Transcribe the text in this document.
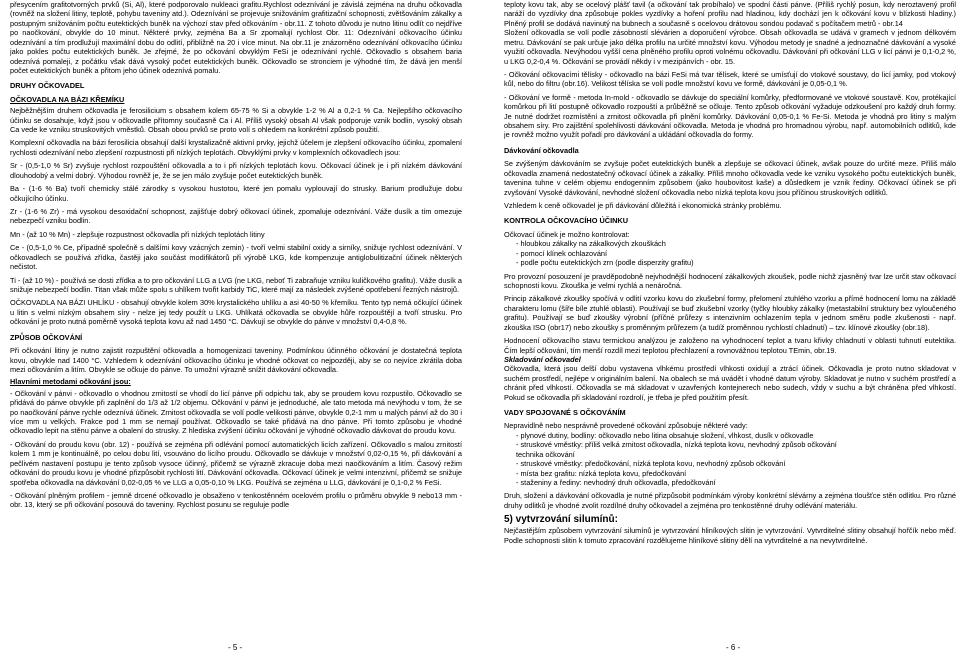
přesycením grafitotvorných prvků (Si, Al), které podporovalo nukleaci grafitu.Rychlost odeznívání je závislá zejména na druhu očkovadla (rovněž na složení litiny, teplotě, pohybu taveniny atd.). Odeznívání se projevuje snižováním grafitizační schopnosti, zvětšováním zákalky a postupným snižováním počtu eutektických buněk na výchozí stav před očkováním - obr.11. Z tohoto důvodu je nutno litinu odlít co nejdříve po naočkování, obvykle do 10 minut. Některé prvky, zejména Ba a Sr zpomalují rychlost Obr. 11: Odeznívání očkovacího účinku odeznívání a tím prodlužují maximální dobu do odlití, přibližně na 20 i více minut. Na obr.11 je znázorněno odeznívání očkovacího účinku jako pokles počtu eutektických buněk. Je zřejmé, že po očkování obvyklým FeSi je odeznívání rychlé. Očkovadlo s obsahem baria odeznívá pomaleji, z počátku však dává vysoký počet eutektických buněk. Očkovadlo se stronciem je výhodné tím, že dává jen menší počet eutektických buněk a přitom jeho účinek odeznívá pomalu.

DRUHY OČKOVADEL
OČKOVADLA NA BÁZI KŘEMÍKU

Nejběžnějším druhem očkovadla je ferosilicium s obsahem kolem 65-75 % Si a obvykle 1-2 % Al a 0,2-1 % Ca. Nejlepšího očkovacího účinku se dosahuje, když jsou v očkovadle přítomny současně Ca i Al. Příliš vysoký obsah Al však podporuje vznik bodlin, vysoký obsah Ca vede ke vzniku struskovitých vměstků. Obsah obou prvků se proto volí s ohledem na konkrétní způsob použití.

Komplexní očkovadla na bázi ferosilicia obsahují další krystalizačně aktivní prvky, jejichž účelem je zlepšení očkovacího účinku, zpomalení rychlosti odeznívání nebo zlepšení rozpustnosti při nízkých teplotách. Obvyklými prvky v komplexních očkovadlech jsou:

Sr - (0,5-1,0 % Sr) zvyšuje rychlost rozpouštění očkovadla a to i při nízkých teplotách kovu. Očkovací účinek je i při nízkém dávkování dlouhodobý a velmi dobrý. Výhodou rovněž je, že se jen málo zvyšuje počet eutektických buněk.

Ba - (1-6 % Ba) tvoří chemicky stálé zárodky s vysokou hustotou, které jen pomalu vyplouvají do strusky. Barium prodlužuje dobu očkujícího účinku.

Zr - (1-6 % Zr) - má vysokou desoxidační schopnost, zajišťuje dobrý očkovací účinek, zpomaluje odeznívání. Váže dusík a tím omezuje nebezpečí vzniku bodlin.

Mn - (až 10 % Mn) - zlepšuje rozpustnost očkovadla při nízkých teplotách litiny

Ce - (0,5-1,0 % Ce, případně společně s dalšími kovy vzácných zemin) - tvoří velmi stabilní oxidy a sirníky, snižuje rychlost odeznívání. V očkovadlech se používá zřídka, častěji jako součást modifikátorů při výrobě LKG, kde kompenzuje antiglobulitizační účinek některých nečistot.

Ti - (až 10 %) - používá se dosti zřídka a to pro očkování LLG a LVG (ne LKG, neboť Ti zabraňuje vzniku kuličkového grafitu). Váže dusík a snižuje nebezpečí bodlin. Titan však může spolu s uhlíkem tvořit karbidy TiC, které mají za následek zvýšené opotřebení řezných nástrojů.

OČKOVADLA NA BÁZI UHLÍKU - obsahují obvykle kolem 30% krystalického uhlíku a asi 40-50 % křemíku. Tento typ nemá očkující účinek u litin s velmi nízkým obsahem síry - nelze jej tedy použít u LKG. Uhlíkatá očkovadla se obvykle hůře rozpouštějí a tvoří strusku. Pro očkování je proto nutná poměrně vysoká teplota kovu až nad 1450 °C. Dávkují se obvykle do pánve v množství 0,4-0,8 %.

ZPŮSOB OČKOVÁNÍ

Při očkování litiny je nutno zajistit rozpuštění očkovadla a homogenizaci taveniny. Podmínkou účinného očkování je dostatečná teplota kovu, obvykle nad 1400 °C. Vzhledem k odeznívání očkovacího účinku je vhodné očkovat co nejpozději, aby se co nejvíce zkrátila doba mezi očkováním a litím. Obvykle se očkuje do pánve. To umožní výrazně snížit dávkování očkovadla.

Hlavními metodami očkování jsou:

- Očkování v pánvi - očkovadlo o vhodnou zrnitostí se vhodí do licí pánve při odpichu tak, aby se proudem kovu rozpustilo. Očkovadlo se přidává do pánve obvykle při zaplnění do 1/3 až 1/2 objemu. Očkování v pánvi je jednoduché, ale tato metoda má nevýhodu v tom, že se po naočkování pánve rychle odeznívá účinek. Zrnitost očkovadla se volí podle velikosti pánve, obvykle 0,2-1 mm u malých pánví až do 30 i více mm u velkých. Frakce pod 1 mm se nemají používat. Očkovadlo se také přidává na dno pánve. Při tomto způsobu je vhodné očkovadlo lepit na stěnu pánve a obalení do strusky. Z hlediska zvýšení účinku očkování je výhodné očkovadlo dávkovat do proudu kovu.

- Očkování do proudu kovu (obr. 12) - používá se zejména při odlévání pomocí automatických licích zařízení. Očkovadlo s malou zrnitostí kolem 1 mm je kontinuálně, po celou dobu lití, vsouváno do licího proudu. Očkovadlo se dávkuje v množství 0,02-0,15 %, při dávkování a pečlivém nastavení postupu je tento způsob vysoce účinný, přičemž se výrazně zkracuje doba mezi naočkováním a litím. Časový režim očkování do proudu kovu je vhodné přizpůsobit rychlosti lití. Dávkování očkovadla. Očkovací účinek je velmi intenzivní, přičemž se snižuje spotřeba očkovadla na dávkování 0,02-0,05 % ve LLG a 0,05-0,10 % LKG. Používá se zejména u LLG, dávkování je 0,1-0,2 % FeSi.

- Očkování plněným profilem - jemně drcené očkovadlo je obsaženo v tenkostěnném ocelovém profilu o průměru obvykle 9 nebo13 mm - obr. 13, který se při očkování posouvá do taveniny. Rychlost posunu se reguluje podle

- 5 -

teploty kovu tak, aby se ocelový plášť tavil (a očkování tak probíhalo) ve spodní části pánve. (Příliš rychlý posun, kdy neroztavený profil naráží do vyzdívky dna způsobuje pokles vyzdívky a hoření profilu nad hladinou, kdy dochází jen k očkování kovu v blízkosti hladiny.) Plněný profil se dodává navinutý na bubnech a současně s ocelovou drátovou sondou podavač s počítačem metrů - obr.14

Složení očkovadla se volí podle zásobností slévárien a doporučení výrobce. Obsah očkovadla se udává v gramech v jednom délkovém metru. Dávkování se pak určuje jako délka profilu na určité množství kovu. Výhodou metody je snadné a jednoznačné dávkování a vysoké využití očkovadla. Nevýhodou vyšší cena plněného profilu oproti volnému očkovadlu. Dávkování při očkování LLG v licí pánvi je 0,1-0,2 %, u LKG 0,2-0,4 %. Očkování se provádí někdy i v mezipánvích - obr. 15.

- Očkování očkovacími tělísky - očkovadlo na bázi FeSi má tvar tělísek, které se umísťují do vtokové soustavy, do licí jamky, pod vtokový kůl, nebo do filtru (obr.16). Velikost tělíska se volí podle množství kovu ve formě, dávkování je 0,05-0,1 %.

- Očkování ve formě - metoda In-mold - očkovadlo se dávkuje do speciální komůrky, předformované ve vtokové soustavě. Kov, protékající komůrkou při lití postupně očkovadlo rozpouští a průběžně se očkuje. Tento způsob očkování vyžaduje odzkoušení pro každý druh formy. Je nutné dodržet rozmístění a zrnitost očkovadla při plnění komůrky. Dávkování 0,05-0,1 % Fe-Si. Metoda je vhodná pro litiny s malým obsahem síry. Pro zajištění spolehlivosti dávkování očkovadla. Metoda je vhodná pro hromadnou výrobu, např. automobilních odlitků, kde je rovněž možno využít pořadí pro dávkování a ukládání očkovadla do formy.

Dávkování očkovadla

Se zvýšeným dávkováním se zvyšuje počet eutektických buněk a zlepšuje se očkovací účinek, avšak pouze do určité meze. Příliš málo očkovadla znamená nedostatečný očkovací účinek a zákalky. Příliš mnoho očkovadla vede ke vzniku vysokého počtu eutektických buněk, tavenina tuhne v celém objemu endogenním způsobem (jako houbovitost kaše) a důsledkem je vznik řediny. Očkovací účinek se při zvyšování Vysoké dávkování, nevhodné složení očkovadla nebo nízká teplota kovu jsou příčinou struskovitých odlitků.

Vzhledem k ceně očkovadel je při dávkování důležitá i ekonomická stránky problému.

KONTROLA OČKOVACÍHO ÚČINKU

Očkovací účinek je možno kontrolovat:

- hloubkou zákalky na zákalkových zkouškách
- pomocí klínek ochlazování
- podle počtu eutektických zrn (podle disperzity grafitu)

Pro provozní posouzení je pravděpodobně nejvhodnější hodnocení zákalkových zkoušek, podle nichž zjasněný tvar lze určit stav očkovací schopnosti kovu. Zkouška je velmi rychlá a nenáročná.

Princip zákalkové zkoušky spočívá v odlití vzorku kovu do zkušební formy, přelomení ztuhlého vzorku a přímé hodnocení lomu na základě charakteru lomu (šíře bíle ztuhlé oblasti). Používají se buď zkušební vzorky (tyčky hloubky zákalky (metastabilní struktury bez vyloučeného grafitu). Používají se buď zkoušky výrobní (příčné průřezy s intenzivním ochlazením tepla v jednom směru podle zkušenosti - např. zkouška ISO (obr17) nebo zkoušky s proměnným průřezem (a tudíž proměnnou rychlostí chladnutí) – tzv. klínové zkoušky (obr.18).

Hodnocení očkovacího stavu termickou analýzou je založeno na vyhodnocení teplot a tvaru křivky chladnutí v oblasti tuhnutí eutektika. Čím lepší očkování, tím menší rozdíl mezi teplotou přechlazení a rovnovážnou teplotou TEmin, obr.19.

Skladování očkovadel

Očkovadla, která jsou delší dobu vystavena vlhkému prostředí vlhkosti oxidují a ztrácí účinek. Očkovadla je proto nutno skladovat v suchém prostředí, nejlépe v originálním balení. Na obalech se má uvádět i vhodné datum výroby. Skladovat je nutno v suchém prostředí a chránit před vlhkostí. Očkovadla se má skladovat v uzavřených kontejnerech nebo sudech, vždy v suchu a být chráněna před vlhkostí. Pokud se očkovadla při skladování rozdrolí, je třeba je před použitím přesít.

VADY SPOJOVANÉ S OČKOVÁNÍM

Nepravidlně nebo nesprávně provedené očkování způsobuje některé vady:

- plynové dutiny, bodliny: očkovadlo nebo litina obsahuje složení, vlhkost, dusík v očkovadle
- struskové vměstky: příliš velká zrnitost očkovadla, nízká teplota kovu, nevhodný způsob očkování
technika očkování
- struskové vměstky: předočkování, nízká teplota kovu, nevhodný způsob očkování
- místa bez grafitu: nízká teplota kovu, předočkování
- staženiny a řediny: nevhodný druh očkovadla, předočkování

Druh, složení a dávkování očkovadla je nutné přizpůsobit podmínkám výroby konkrétní slévárny a zejména tloušťce stěn odlitku. Pro různé druhy odlitků je vhodné zvolit rozdílné druhy očkovadel a zejména pro tenkostěnné druhy odlévání materiálu.

5) vytvrzování silumínů:

Nejčastějším způsobem vytvrzování silumínů je vytvrzování hliníkových slitin je vytvrzování. Vytvrditelné slitiny obsahují hořčík nebo měď. Podle schopnosti slitin k tomuto zpracování rozdělujeme hliníkové slitiny dělí na vytvrditelné a na nevytvrditelné.

- 6 -
